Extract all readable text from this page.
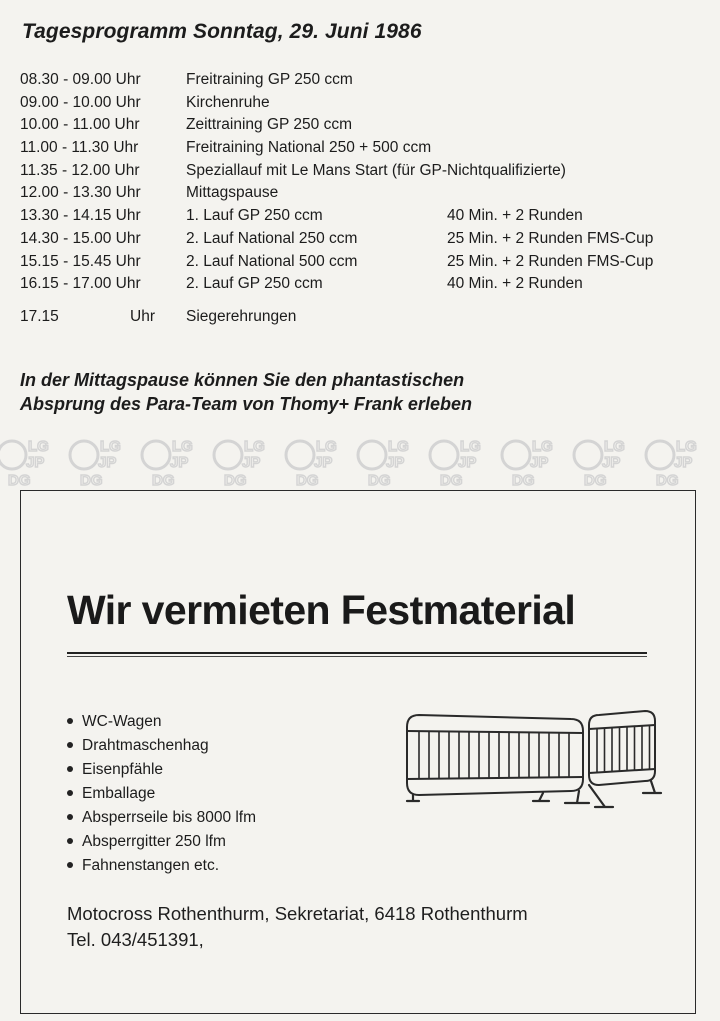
Tagesprogramm Sonntag, 29. Juni 1986
08.30 - 09.00 Uhr	Freitraining GP 250 ccm
09.00 - 10.00 Uhr	Kirchenruhe
10.00 - 11.00 Uhr	Zeittraining GP 250 ccm
11.00 - 11.30 Uhr	Freitraining National 250 + 500 ccm
11.35 - 12.00 Uhr	Speziallauf mit Le Mans Start (für GP-Nichtqualifizierte)
12.00 - 13.30 Uhr	Mittagspause
13.30 - 14.15 Uhr	1. Lauf GP 250 ccm	40 Min. + 2 Runden
14.30 - 15.00 Uhr	2. Lauf National 250 ccm	25 Min. + 2 Runden FMS-Cup
15.15 - 15.45 Uhr	2. Lauf National 500 ccm	25 Min. + 2 Runden FMS-Cup
16.15 - 17.00 Uhr	2. Lauf GP 250 ccm	40 Min. + 2 Runden
17.15	Uhr Siegerehrungen
In der Mittagspause können Sie den phantastischen
Absprung des Para-Team von Thomy+ Frank erleben
LG
JP
DG
LG
JP
DG
LG
JP
DG
LG
JP
DG
LG
JP
DG
LG
JP
DG
LG
JP
DG
LG
JP
DG
LG
JP
DG
LG
JP
DG
Wir vermieten Festmaterial
WC-Wagen
Drahtmaschenhag
Eisenpfähle
Emballage
Absperrseile bis 8000 lfm
Absperrgitter 250 lfm
Fahnenstangen etc.
Motocross Rothenthurm, Sekretariat, 6418 Rothenthurm
Tel. 043/451391,
